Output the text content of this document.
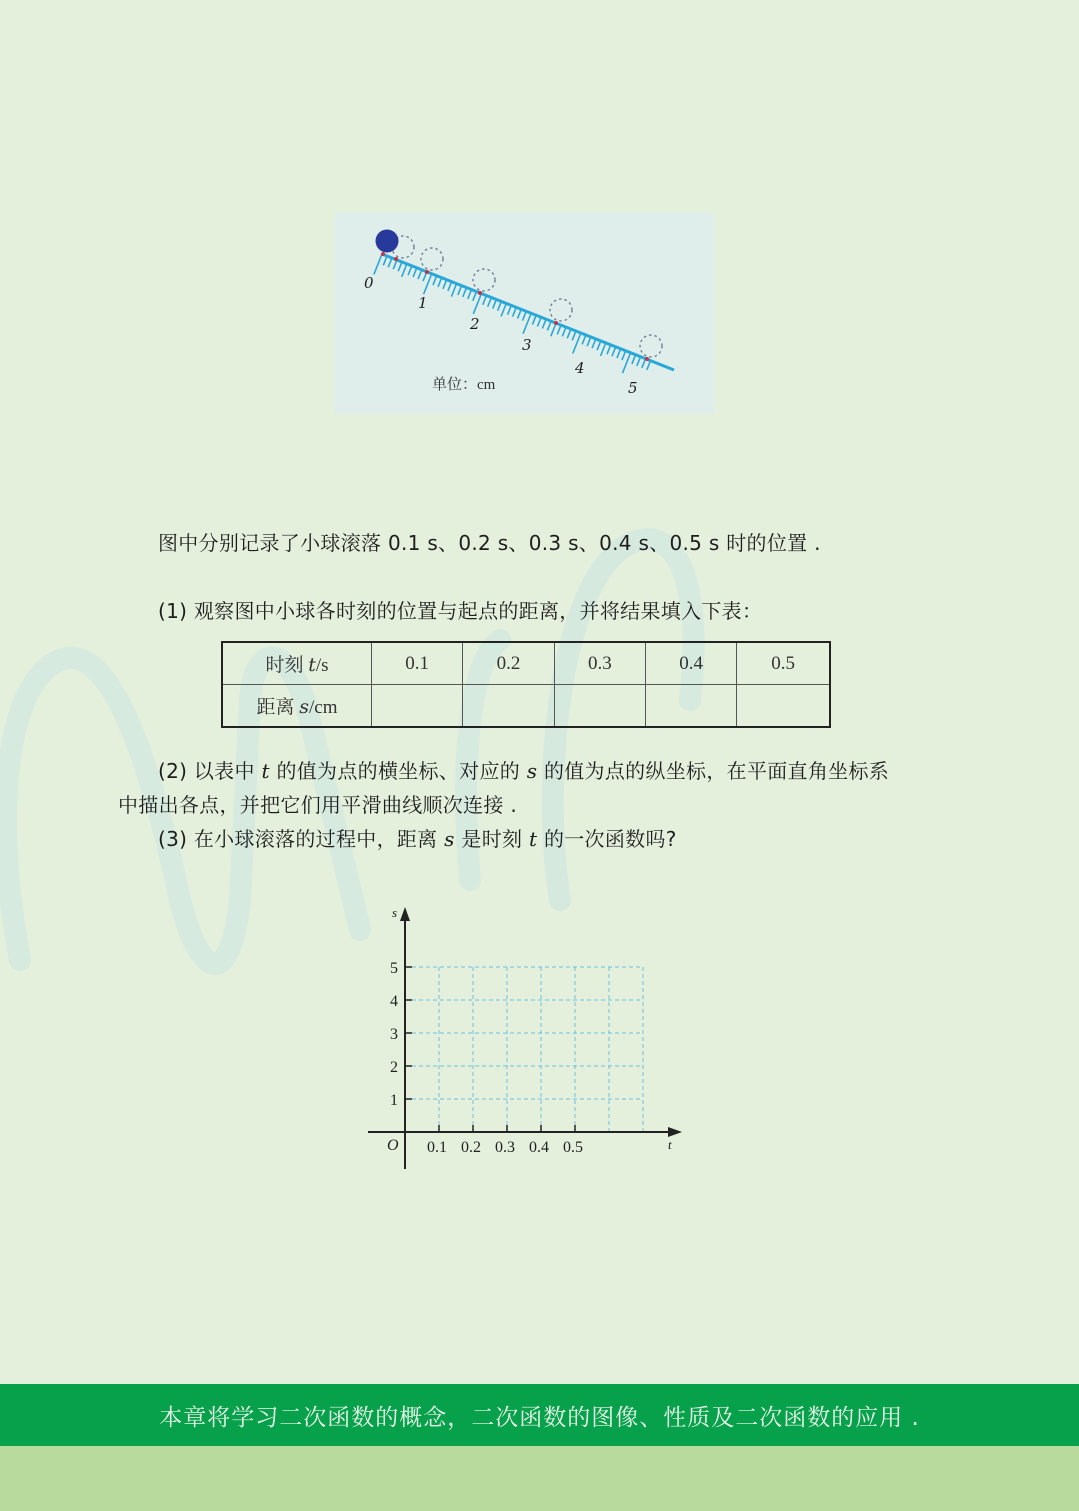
0
1
2
3
4
5
单位：cm
图中分别记录了小球滚落 0.1 s、0.2 s、0.3 s、0.4 s、0.5 s 时的位置 .
(1) 观察图中小球各时刻的位置与起点的距离，并将结果填入下表：
时刻 t/s	0.1	0.2	0.3	0.4	0.5
距离 s/cm					
(2) 以表中 t 的值为点的横坐标、对应的 s 的值为点的纵坐标，在平面直角坐标系
中描出各点，并把它们用平滑曲线顺次连接 .
(3) 在小球滚落的过程中，距离 s 是时刻 t 的一次函数吗?
1
2
3
4
5
0.1 0.2 0.3 0.4 0.5
O	t
s
本章将学习二次函数的概念，二次函数的图像、性质及二次函数的应用 .
